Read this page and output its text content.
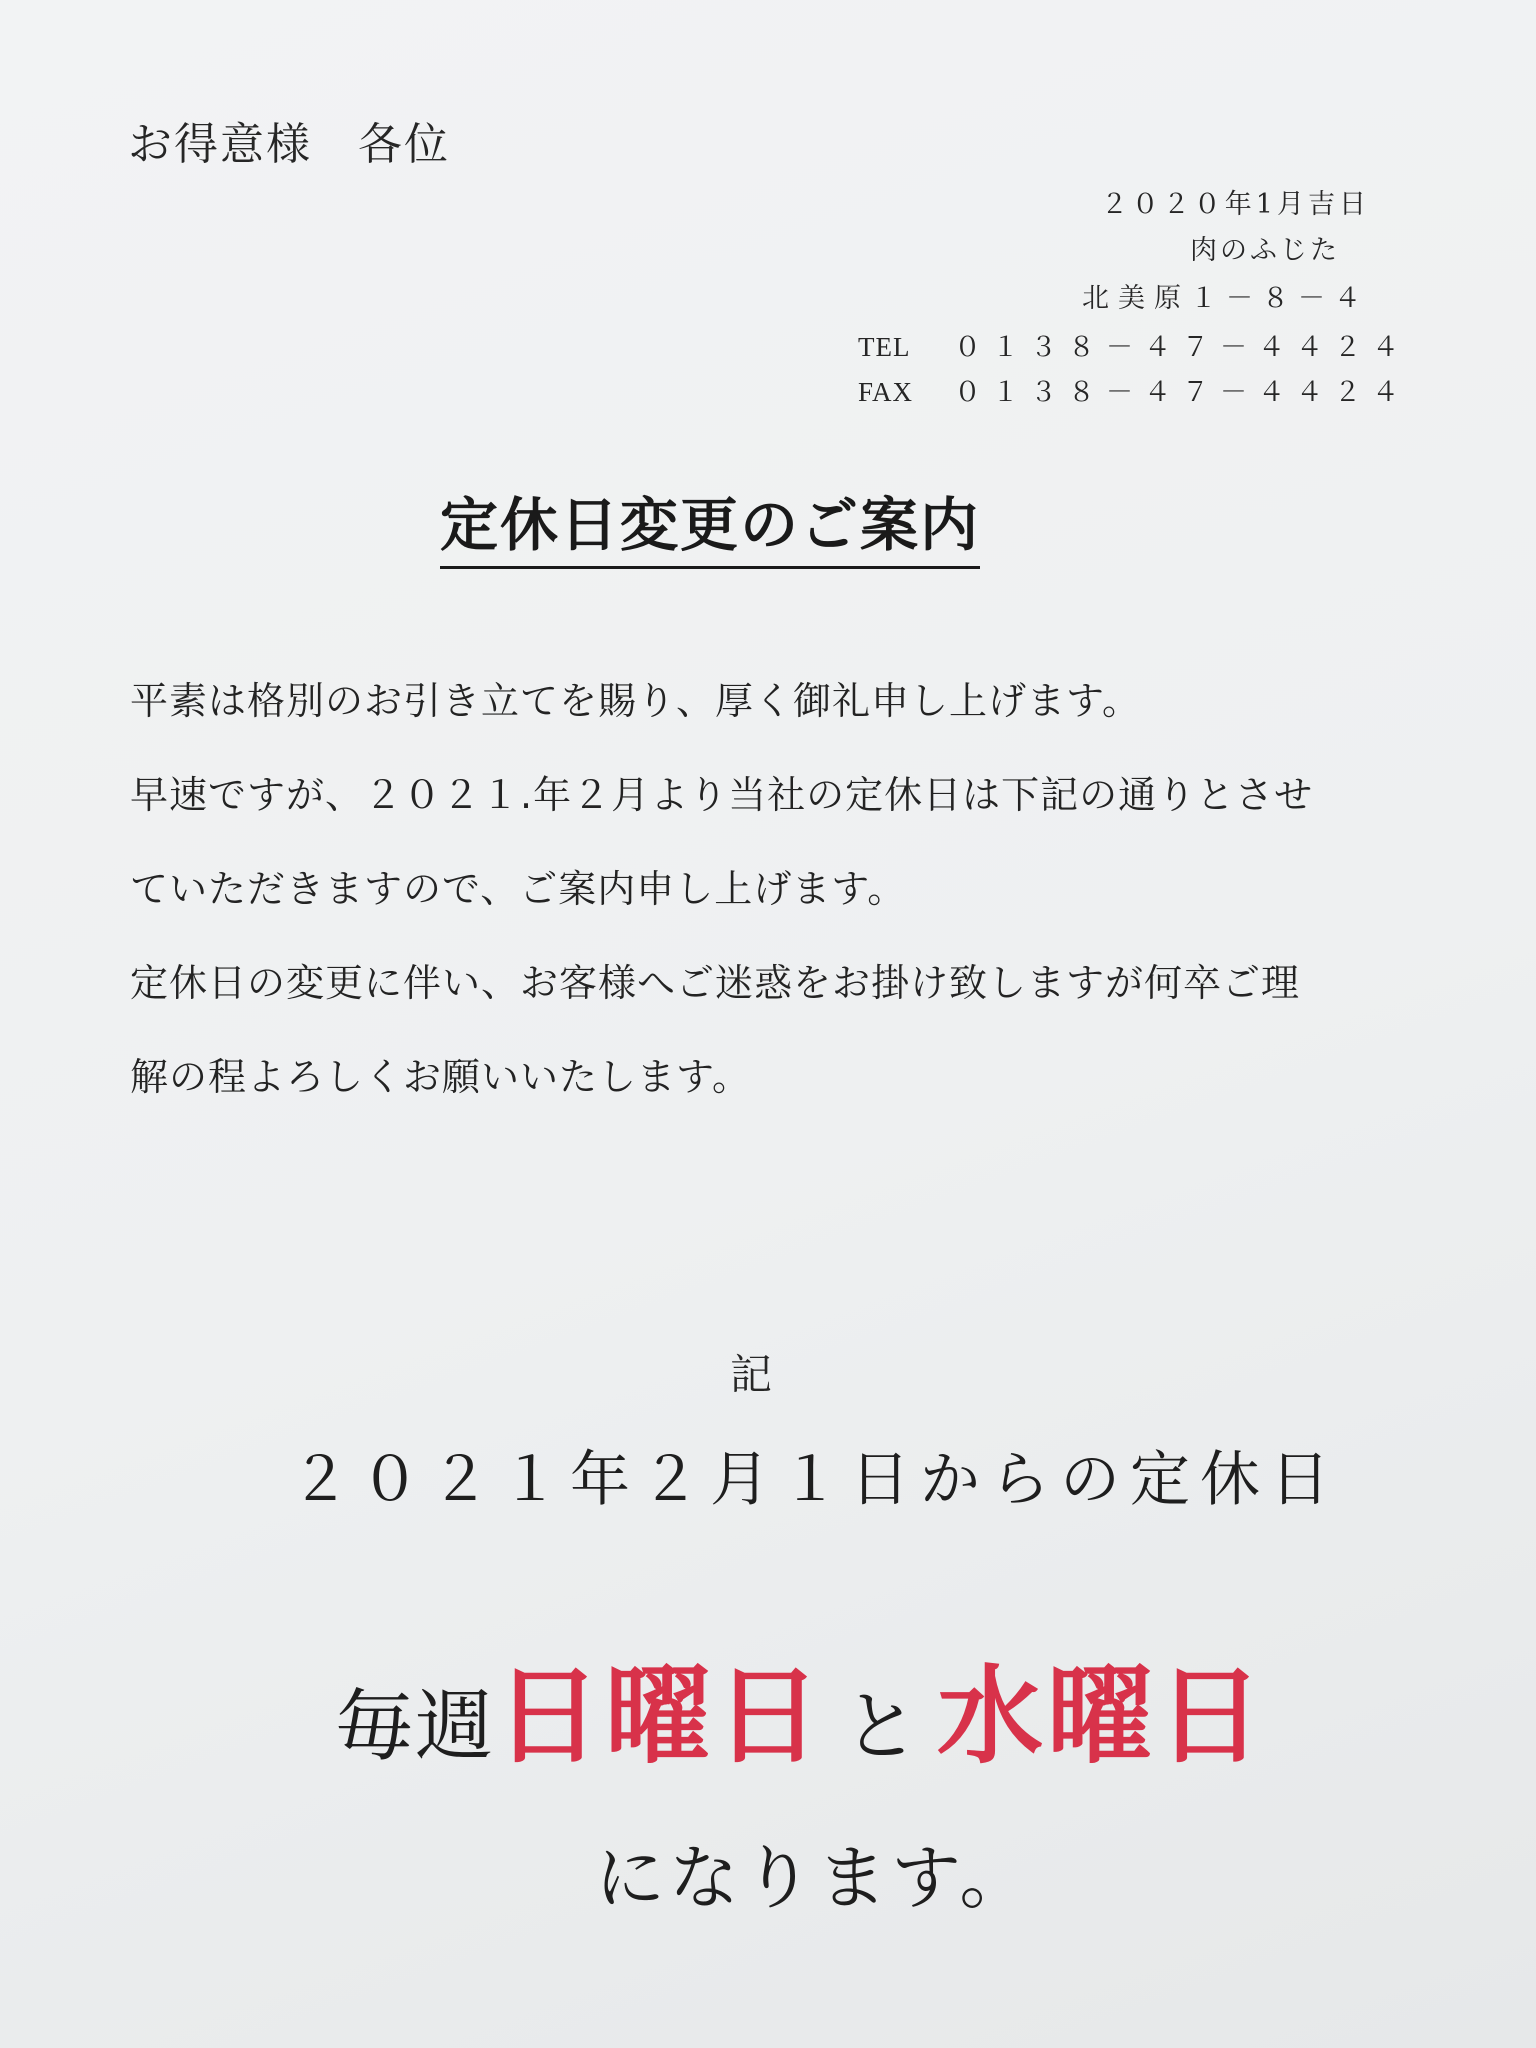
お得意様　各位
２０２０年1月吉日
肉のふじた
北美原１－８－４
TEL ０１３８－４７－４４２４
FAX ０１３８－４７－４４２４
定休日変更のご案内
平素は格別のお引き立てを賜り、厚く御礼申し上げます。
早速ですが、２０２１.年２月より当社の定休日は下記の通りとさせ
ていただきますので、ご案内申し上げます。
定休日の変更に伴い、お客様へご迷惑をお掛け致しますが何卒ご理
解の程よろしくお願いいたします。
記
２０２１年２月１日からの定休日
毎週日曜日 と 水曜日
になります。
